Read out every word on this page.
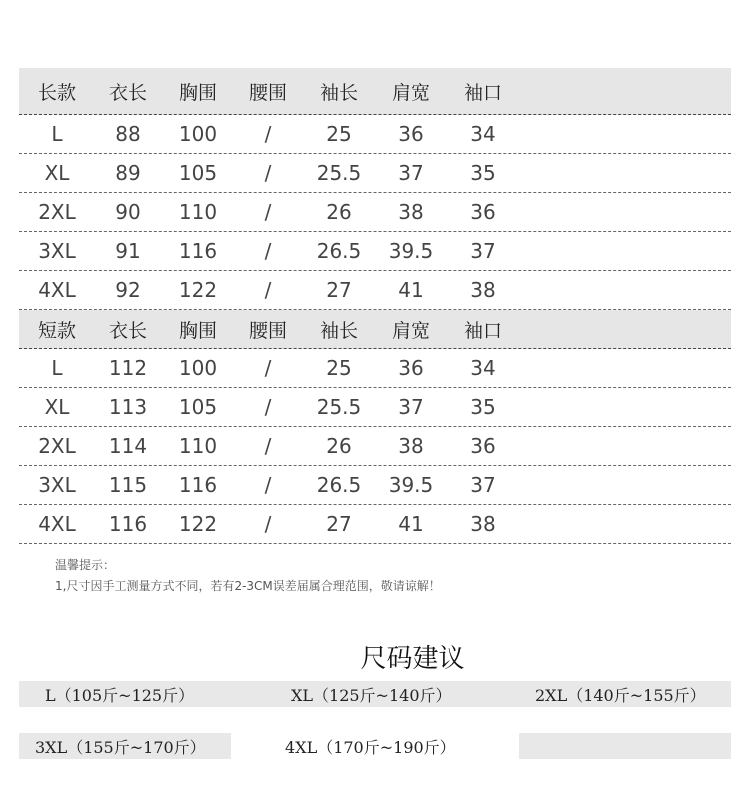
长款	衣长	胸围	腰围	袖长	肩宽	袖口
L	88	100	/	25	36	34
XL	89	105	/	25.5	37	35
2XL	90	110	/	26	38	36
3XL	91	116	/	26.5	39.5	37
4XL	92	122	/	27	41	38
短款	衣长	胸围	腰围	袖长	肩宽	袖口
L	112	100	/	25	36	34
XL	113	105	/	25.5	37	35
2XL	114	110	/	26	38	36
3XL	115	116	/	26.5	39.5	37
4XL	116	122	/	27	41	38
温馨提示：
1,尺寸因手工测量方式不同，若有2-3CM误差届属合理范围，敬请谅解！
尺码建议
L（105斤~125斤）	XL（125斤~140斤）	2XL（140斤~155斤）
3XL（155斤~170斤）	4XL（170斤~190斤）
